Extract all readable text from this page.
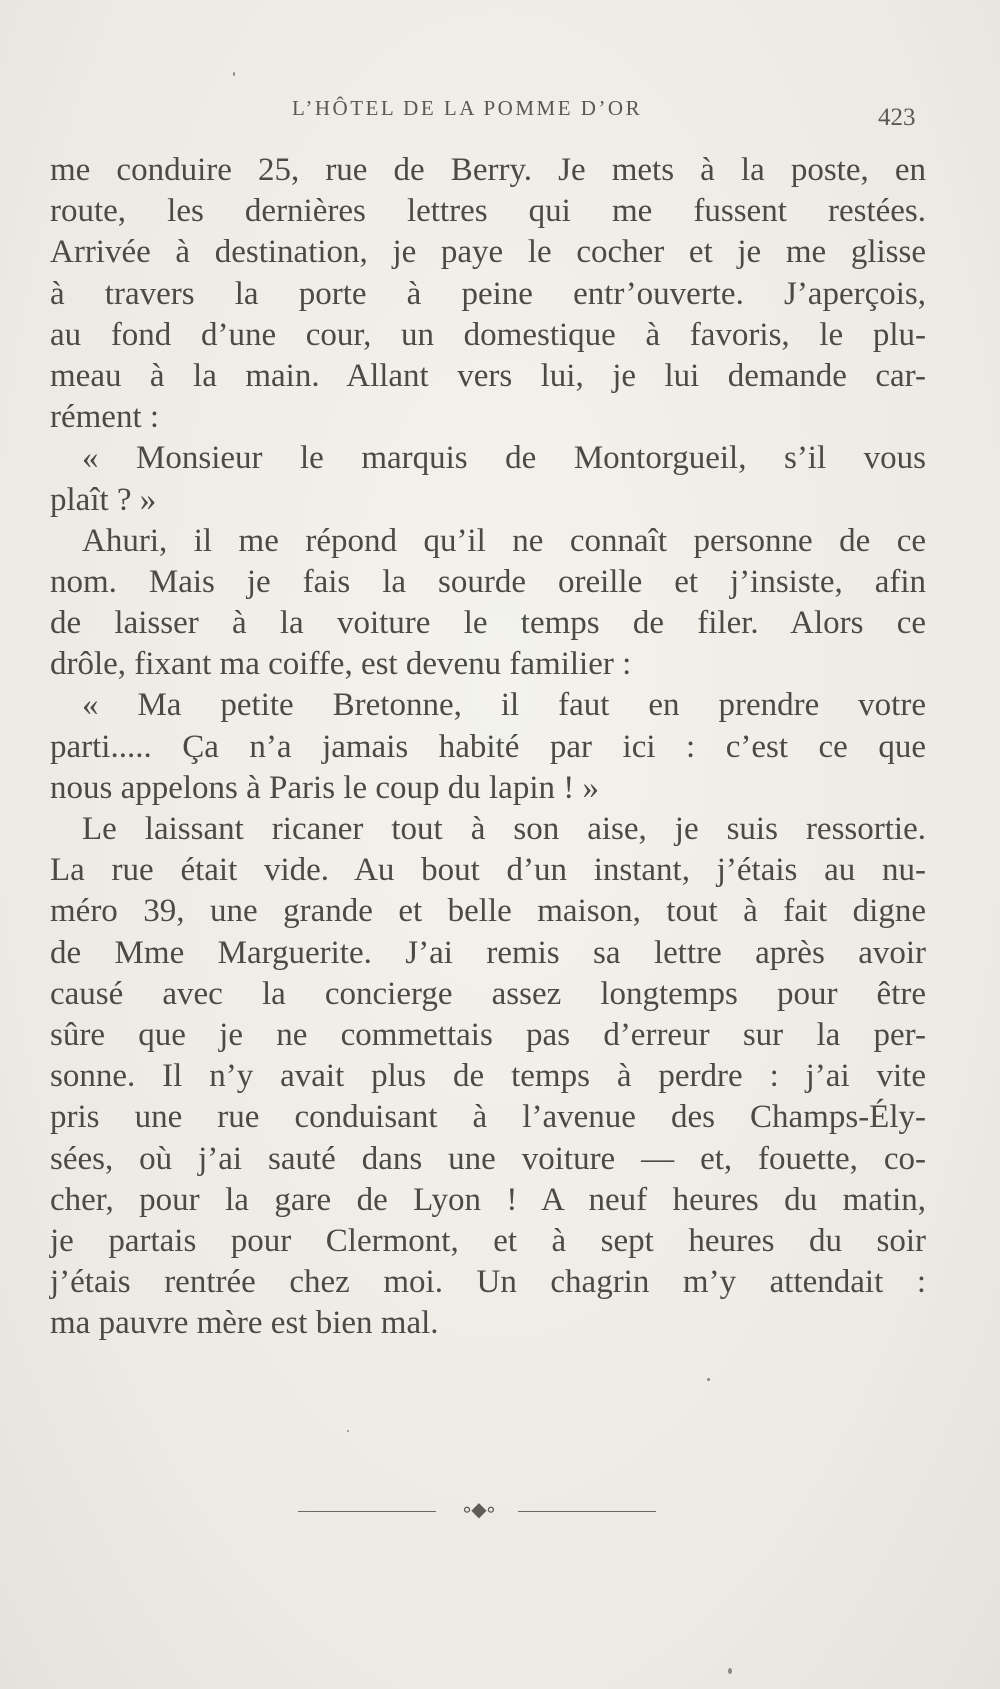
L’HÔTEL DE LA POMME D’OR	423
me conduire 25, rue de Berry. Je mets à la poste, en
route, les dernières lettres qui me fussent restées.
Arrivée à destination, je paye le cocher et je me glisse
à travers la porte à peine entr’ouverte. J’aperçois,
au fond d’une cour, un domestique à favoris, le plu-
meau à la main. Allant vers lui, je lui demande car-
rément :
« Monsieur le marquis de Montorgueil, s’il vous
plaît ? »
Ahuri, il me répond qu’il ne connaît personne de ce
nom. Mais je fais la sourde oreille et j’insiste, afin
de laisser à la voiture le temps de filer. Alors ce
drôle, fixant ma coiffe, est devenu familier :
« Ma petite Bretonne, il faut en prendre votre
parti..... Ça n’a jamais habité par ici : c’est ce que
nous appelons à Paris le coup du lapin ! »
Le laissant ricaner tout à son aise, je suis ressortie.
La rue était vide. Au bout d’un instant, j’étais au nu-
méro 39, une grande et belle maison, tout à fait digne
de Mme Marguerite. J’ai remis sa lettre après avoir
causé avec la concierge assez longtemps pour être
sûre que je ne commettais pas d’erreur sur la per-
sonne. Il n’y avait plus de temps à perdre : j’ai vite
pris une rue conduisant à l’avenue des Champs-Ély-
sées, où j’ai sauté dans une voiture — et, fouette, co-
cher, pour la gare de Lyon ! A neuf heures du matin,
je partais pour Clermont, et à sept heures du soir
j’étais rentrée chez moi. Un chagrin m’y attendait :
ma pauvre mère est bien mal.
∘◆∘
